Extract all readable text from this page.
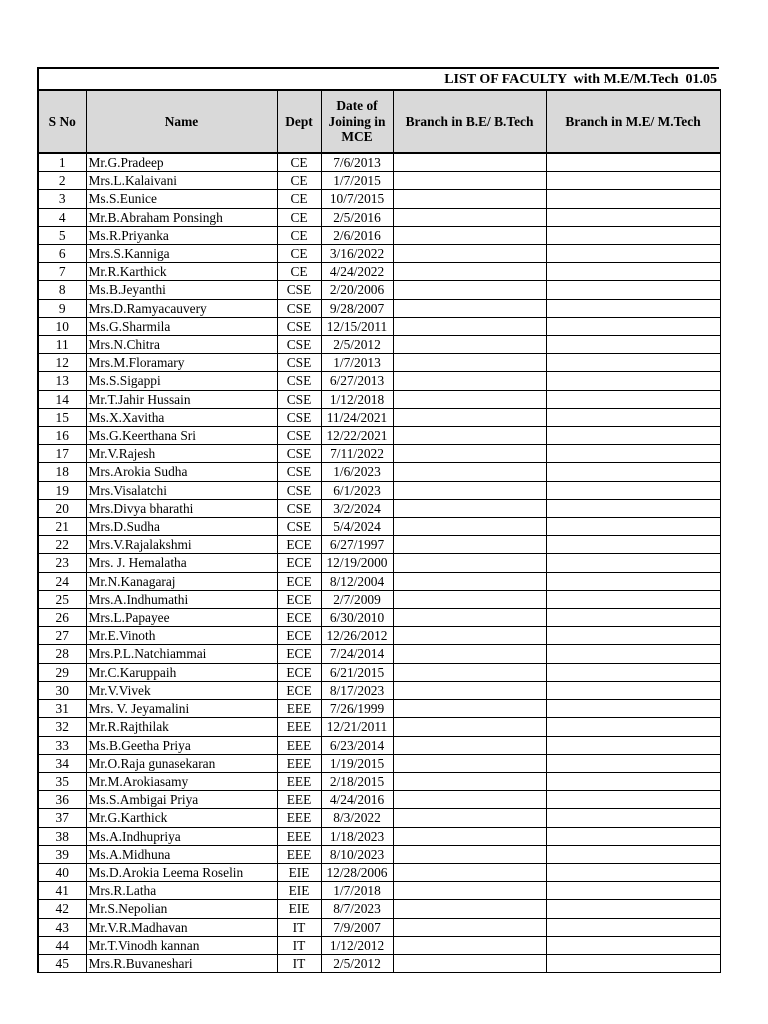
LIST OF FACULTY  with M.E/M.Tech  01.05
S No	Name	Dept	Date of Joining in MCE	Branch in B.E/ B.Tech	Branch in M.E/ M.Tech
1	Mr.G.Pradeep	CE	7/6/2013		
2	Mrs.L.Kalaivani	CE	1/7/2015		
3	Ms.S.Eunice	CE	10/7/2015		
4	Mr.B.Abraham Ponsingh	CE	2/5/2016		
5	Ms.R.Priyanka	CE	2/6/2016		
6	Mrs.S.Kanniga	CE	3/16/2022		
7	Mr.R.Karthick	CE	4/24/2022		
8	Ms.B.Jeyanthi	CSE	2/20/2006		
9	Mrs.D.Ramyacauvery	CSE	9/28/2007		
10	Ms.G.Sharmila	CSE	12/15/2011		
11	Mrs.N.Chitra	CSE	2/5/2012		
12	Mrs.M.Floramary	CSE	1/7/2013		
13	Ms.S.Sigappi	CSE	6/27/2013		
14	Mr.T.Jahir Hussain	CSE	1/12/2018		
15	Ms.X.Xavitha	CSE	11/24/2021		
16	Ms.G.Keerthana Sri	CSE	12/22/2021		
17	Mr.V.Rajesh	CSE	7/11/2022		
18	Mrs.Arokia Sudha	CSE	1/6/2023		
19	Mrs.Visalatchi	CSE	6/1/2023		
20	Mrs.Divya bharathi	CSE	3/2/2024		
21	Mrs.D.Sudha	CSE	5/4/2024		
22	Mrs.V.Rajalakshmi	ECE	6/27/1997		
23	Mrs. J. Hemalatha	ECE	12/19/2000		
24	Mr.N.Kanagaraj	ECE	8/12/2004		
25	Mrs.A.Indhumathi	ECE	2/7/2009		
26	Mrs.L.Papayee	ECE	6/30/2010		
27	Mr.E.Vinoth	ECE	12/26/2012		
28	Mrs.P.L.Natchiammai	ECE	7/24/2014		
29	Mr.C.Karuppaih	ECE	6/21/2015		
30	Mr.V.Vivek	ECE	8/17/2023		
31	Mrs. V. Jeyamalini	EEE	7/26/1999		
32	Mr.R.Rajthilak	EEE	12/21/2011		
33	Ms.B.Geetha Priya	EEE	6/23/2014		
34	Mr.O.Raja gunasekaran	EEE	1/19/2015		
35	Mr.M.Arokiasamy	EEE	2/18/2015		
36	Ms.S.Ambigai Priya	EEE	4/24/2016		
37	Mr.G.Karthick	EEE	8/3/2022		
38	Ms.A.Indhupriya	EEE	1/18/2023		
39	Ms.A.Midhuna	EEE	8/10/2023		
40	Ms.D.Arokia Leema Roselin	EIE	12/28/2006		
41	Mrs.R.Latha	EIE	1/7/2018		
42	Mr.S.Nepolian	EIE	8/7/2023		
43	Mr.V.R.Madhavan	IT	7/9/2007		
44	Mr.T.Vinodh kannan	IT	1/12/2012		
45	Mrs.R.Buvaneshari	IT	2/5/2012		
